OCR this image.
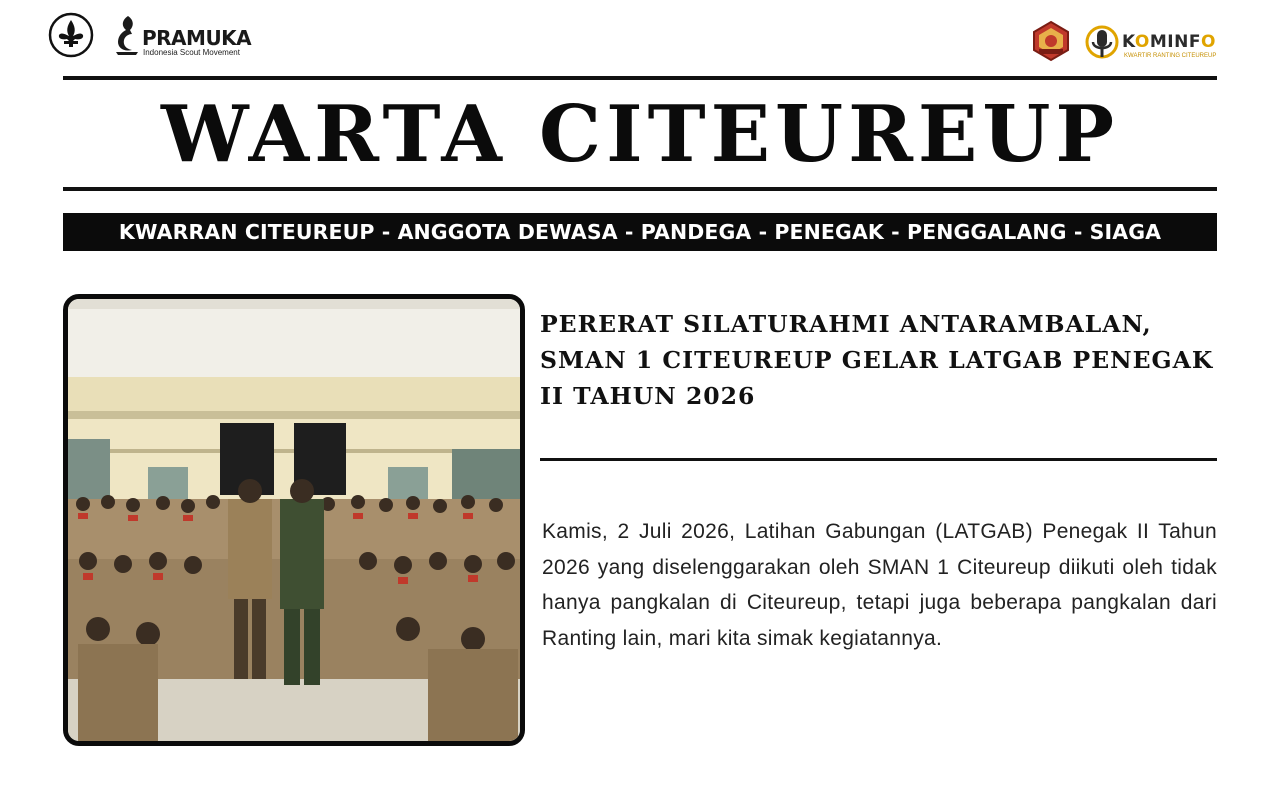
PRAMUKA
Indonesia Scout Movement
KOMINFO
KWARTIR RANTING CITEUREUP
WARTA CITEUREUP
KWARRAN CITEUREUP - ANGGOTA DEWASA - PANDEGA - PENEGAK - PENGGALANG - SIAGA
PERERAT SILATURAHMI ANTARAMBALAN, SMAN 1 CITEUREUP GELAR LATGAB PENEGAK II TAHUN 2026

Kamis, 2 Juli 2026, Latihan Gabungan (LATGAB) Penegak II Tahun 2026 yang diselenggarakan oleh SMAN 1 Citeureup diikuti oleh tidak hanya pangkalan di Citeureup, tetapi juga beberapa pangkalan dari Ranting lain, mari kita simak kegiatannya.
